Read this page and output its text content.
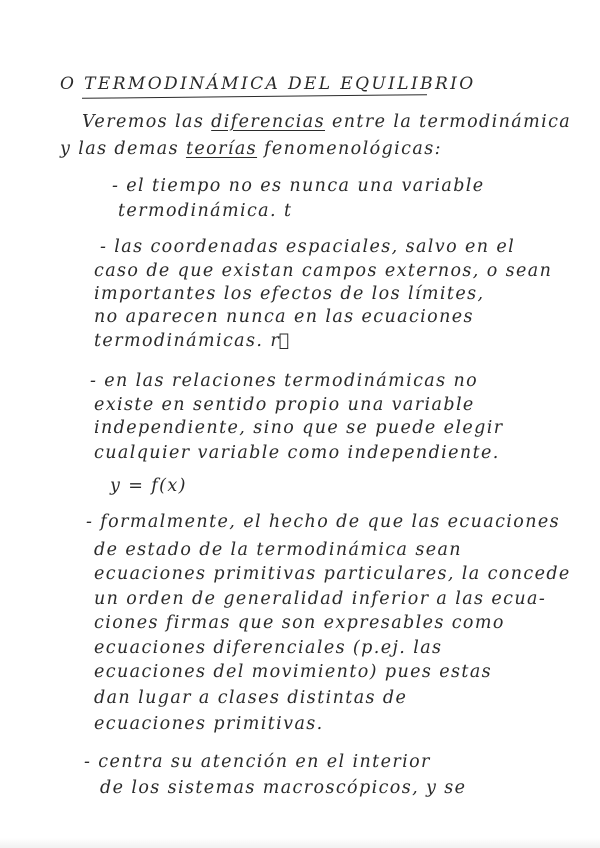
O TERMODINÁMICA DEL EQUILIBRIO
Veremos las diferencias entre la termodinámica
y las demas teorías fenomenológicas:
- el tiempo no es nunca una variable
termodinámica. t
- las coordenadas espaciales, salvo en el
caso de que existan campos externos, o sean
importantes los efectos de los límites,
no aparecen nunca en las ecuaciones
termodinámicas. r⃗
- en las relaciones termodinámicas no
existe en sentido propio una variable
independiente, sino que se puede elegir
cualquier variable como independiente.
y = f(x)
- formalmente, el hecho de que las ecuaciones
de estado de la termodinámica sean
ecuaciones primitivas particulares, la concede
un orden de generalidad inferior a las ecua-
ciones firmas que son expresables como
ecuaciones diferenciales (p.ej. las
ecuaciones del movimiento) pues estas
dan lugar a clases distintas de
ecuaciones primitivas.
- centra su atención en el interior
de los sistemas macroscópicos, y se
